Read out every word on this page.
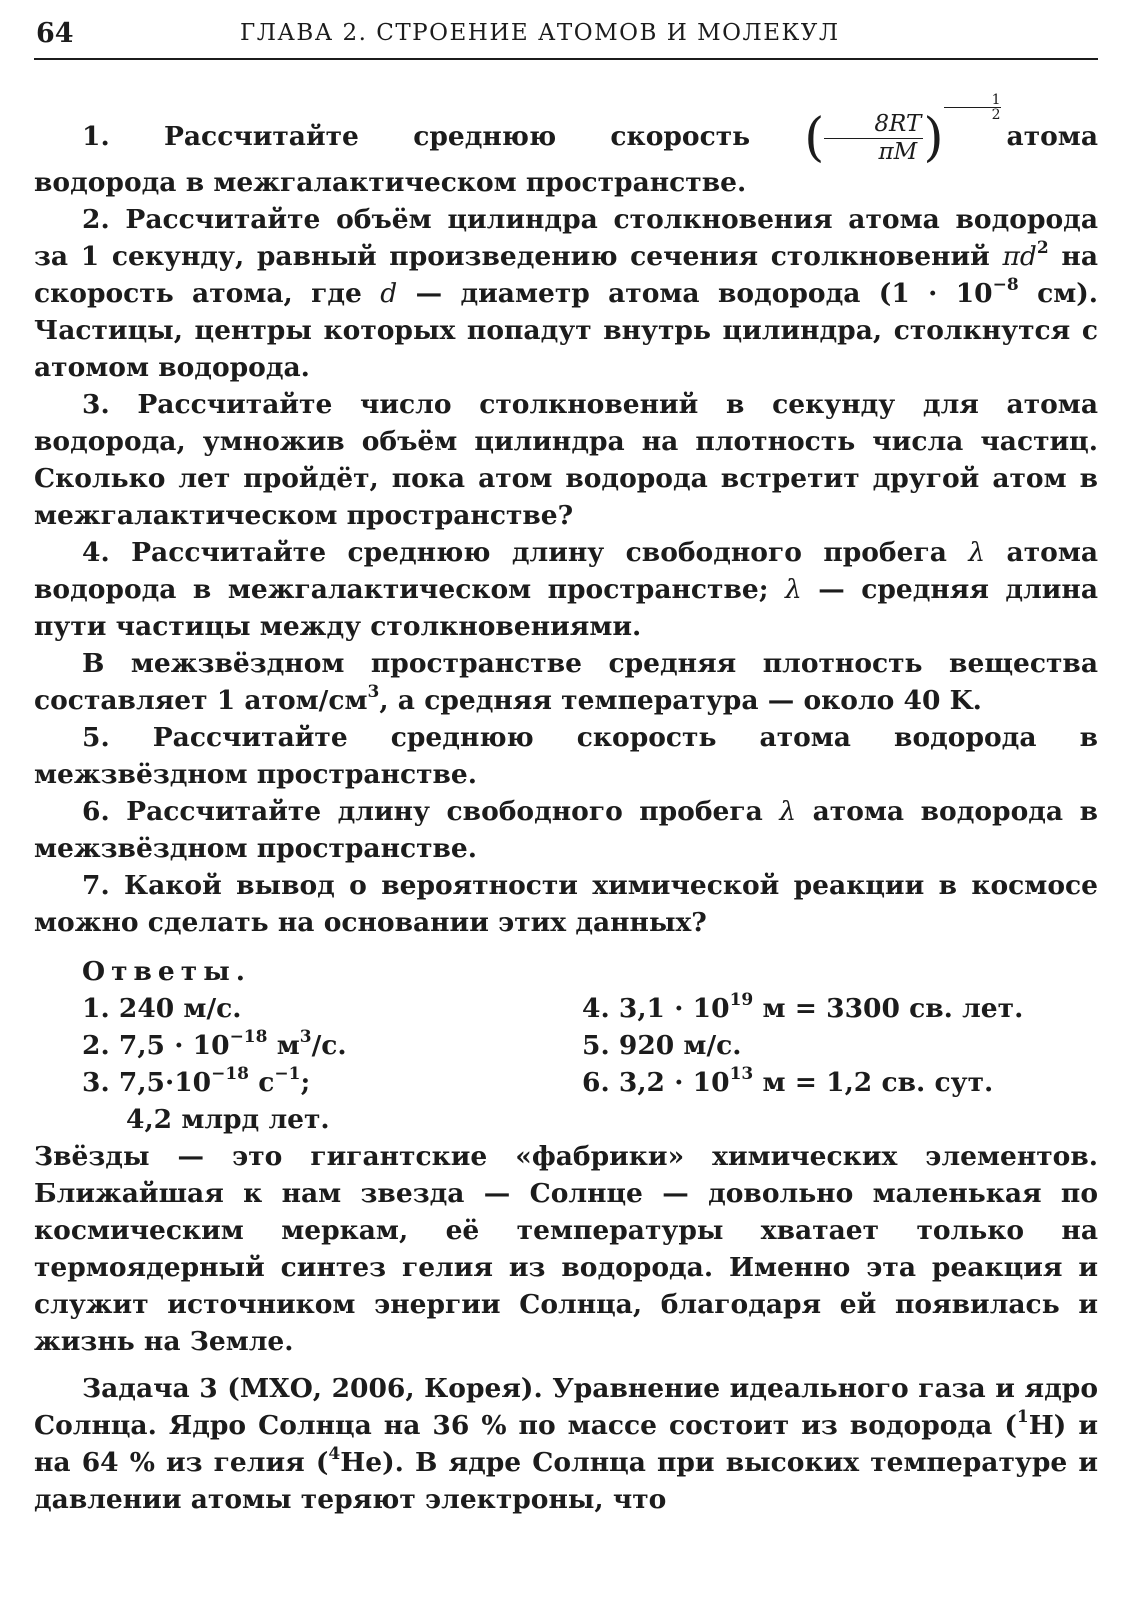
64	ГЛАВА 2. СТРОЕНИЕ АТОМОВ И МОЛЕКУЛ

1. Рассчитайте среднюю скорость ( $\frac{8RT}{\pi M}$ )
$\frac{1}{2}$
атома водорода в межгалактическом пространстве.

2. Рассчитайте объём цилиндра столкновения атома водорода за 1 секунду, равный произведению сечения столкновений $\pi d^2$ на скорость атома, где d — диаметр атома водорода ($1 \cdot 10^{-8}$ см). Частицы, центры которых попадут внутрь цилиндра, столкнутся с атомом водорода.

3. Рассчитайте число столкновений в секунду для атома водорода, умножив объём цилиндра на плотность числа частиц. Сколько лет пройдёт, пока атом водорода встретит другой атом в межгалактическом пространстве?

4. Рассчитайте среднюю длину свободного пробега λ атома водорода в межгалактическом пространстве; λ — средняя длина пути частицы между столкновениями.

В межзвёздном пространстве средняя плотность вещества составляет 1 атом/$см^3$, а средняя температура — около 40 K.

5. Рассчитайте среднюю скорость атома водорода в межзвёздном пространстве.

6. Рассчитайте длину свободного пробега λ атома водорода в межзвёздном пространстве.

7. Какой вывод о вероятности химической реакции в космосе можно сделать на основании этих данных?

Ответы.
1. 240 м/с.
2. $7,5 \cdot 10^{-18}$ $м^3/с$.
3. $7,5\cdot 10^{-18}$ $с^{-1}$;
4,2 млрд лет.
4. $3,1 \cdot 10^{19}$ м = 3300 св. лет.
5. 920 м/с.
6. $3,2 \cdot 10^{13}$ м = 1,2 св. сут.

Звёзды — это гигантские «фабрики» химических элементов. Ближайшая к нам звезда — Солнце — довольно маленькая по космическим меркам, её температуры хватает только на термоядерный синтез гелия из водорода. Именно эта реакция и служит источником энергии Солнца, благодаря ей появилась и жизнь на Земле.

Задача 3 (МХО, 2006, Корея). Уравнение идеального газа и ядро Солнца. Ядро Солнца на 36 % по массе состоит из водорода ($^1$H) и на 64 % из гелия ($^4$He). В ядре Солнца при высоких температуре и давлении атомы теряют электроны, что
